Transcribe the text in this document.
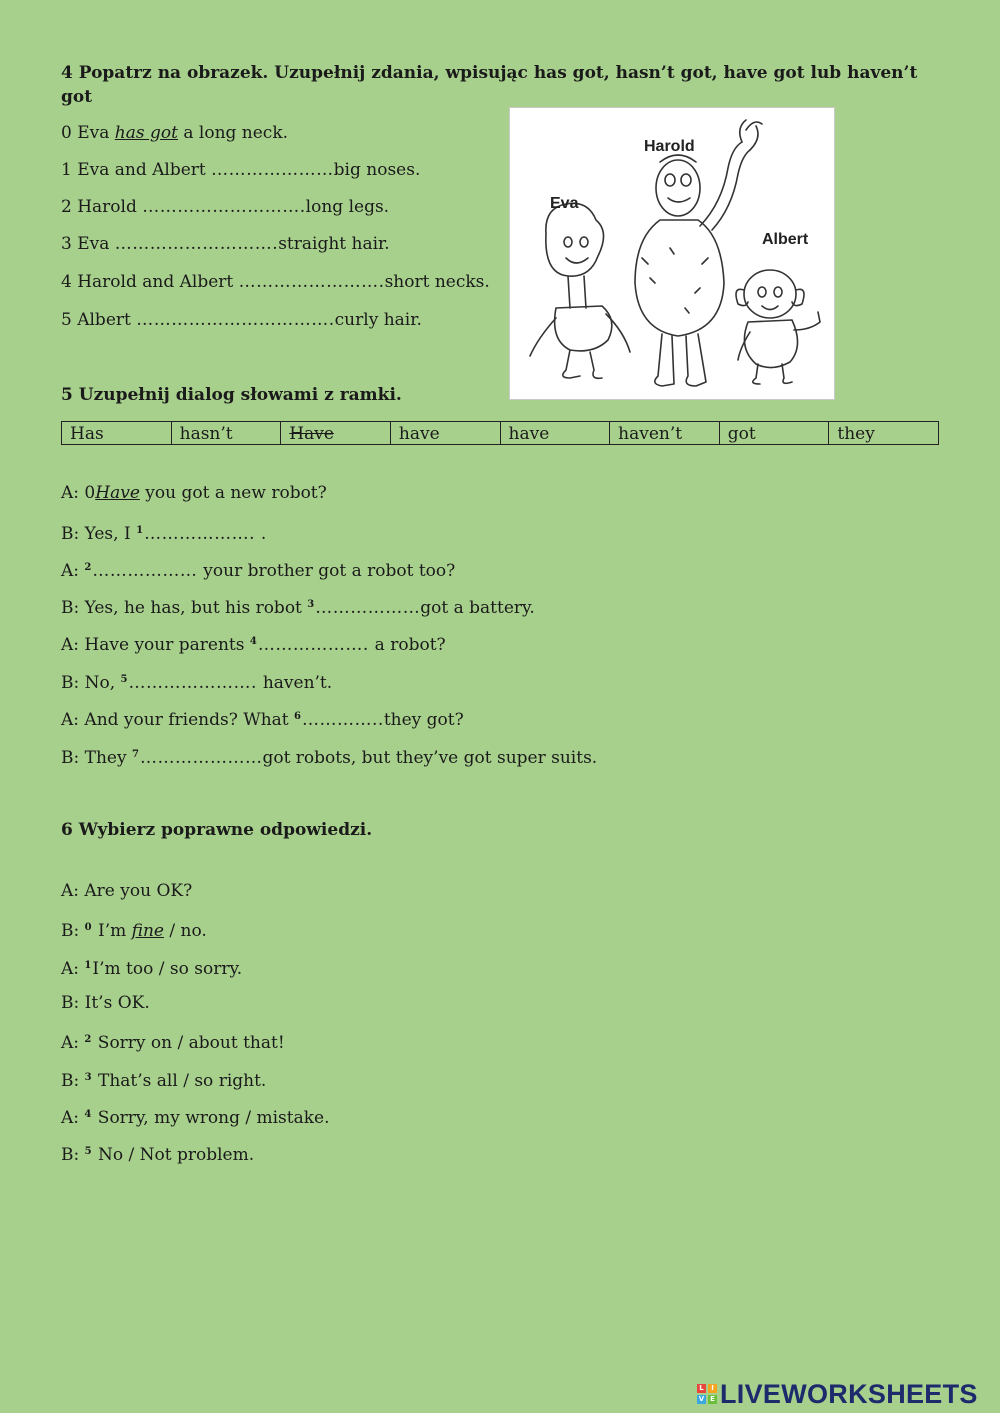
4 Popatrz na obrazek. Uzupełnij zdania, wpisując has got, hasn’t got, have got lub haven’t
got
0 Eva has got a long neck.
1 Eva and Albert …………………big noses.
2 Harold ……………………….long legs.
3 Eva ……………………….straight hair.
4 Harold and Albert …………………….short necks.
5 Albert …………………………….curly hair.
Harold
Eva
Albert
5 Uzupełnij dialog słowami z ramki.
Has	hasn’t	Have	have	have	haven’t	got	they
A: 0Have you got a new robot?
B: Yes, I $^1$………………. .
A: $^2$……………… your brother got a robot too?
B: Yes, he has, but his robot $^3$………………got a battery.
A: Have your parents $^4$………………. a robot?
B: No, $^5$…………………. haven’t.
A: And your friends? What $^6$…………..they got?
B: They $^7$…………………got robots, but they’ve got super suits.
6 Wybierz poprawne odpowiedzi.
A: Are you OK?
B: $^0$ I’m fine / no.
A: $^1$I’m too / so sorry.
B: It’s OK.
A: $^2$ Sorry on / about that!
B: $^3$ That’s all / so right.
A: $^4$ Sorry, my wrong / mistake.
B: $^5$ No / Not problem.
L	I
V E LIVEWORKSHEETS
